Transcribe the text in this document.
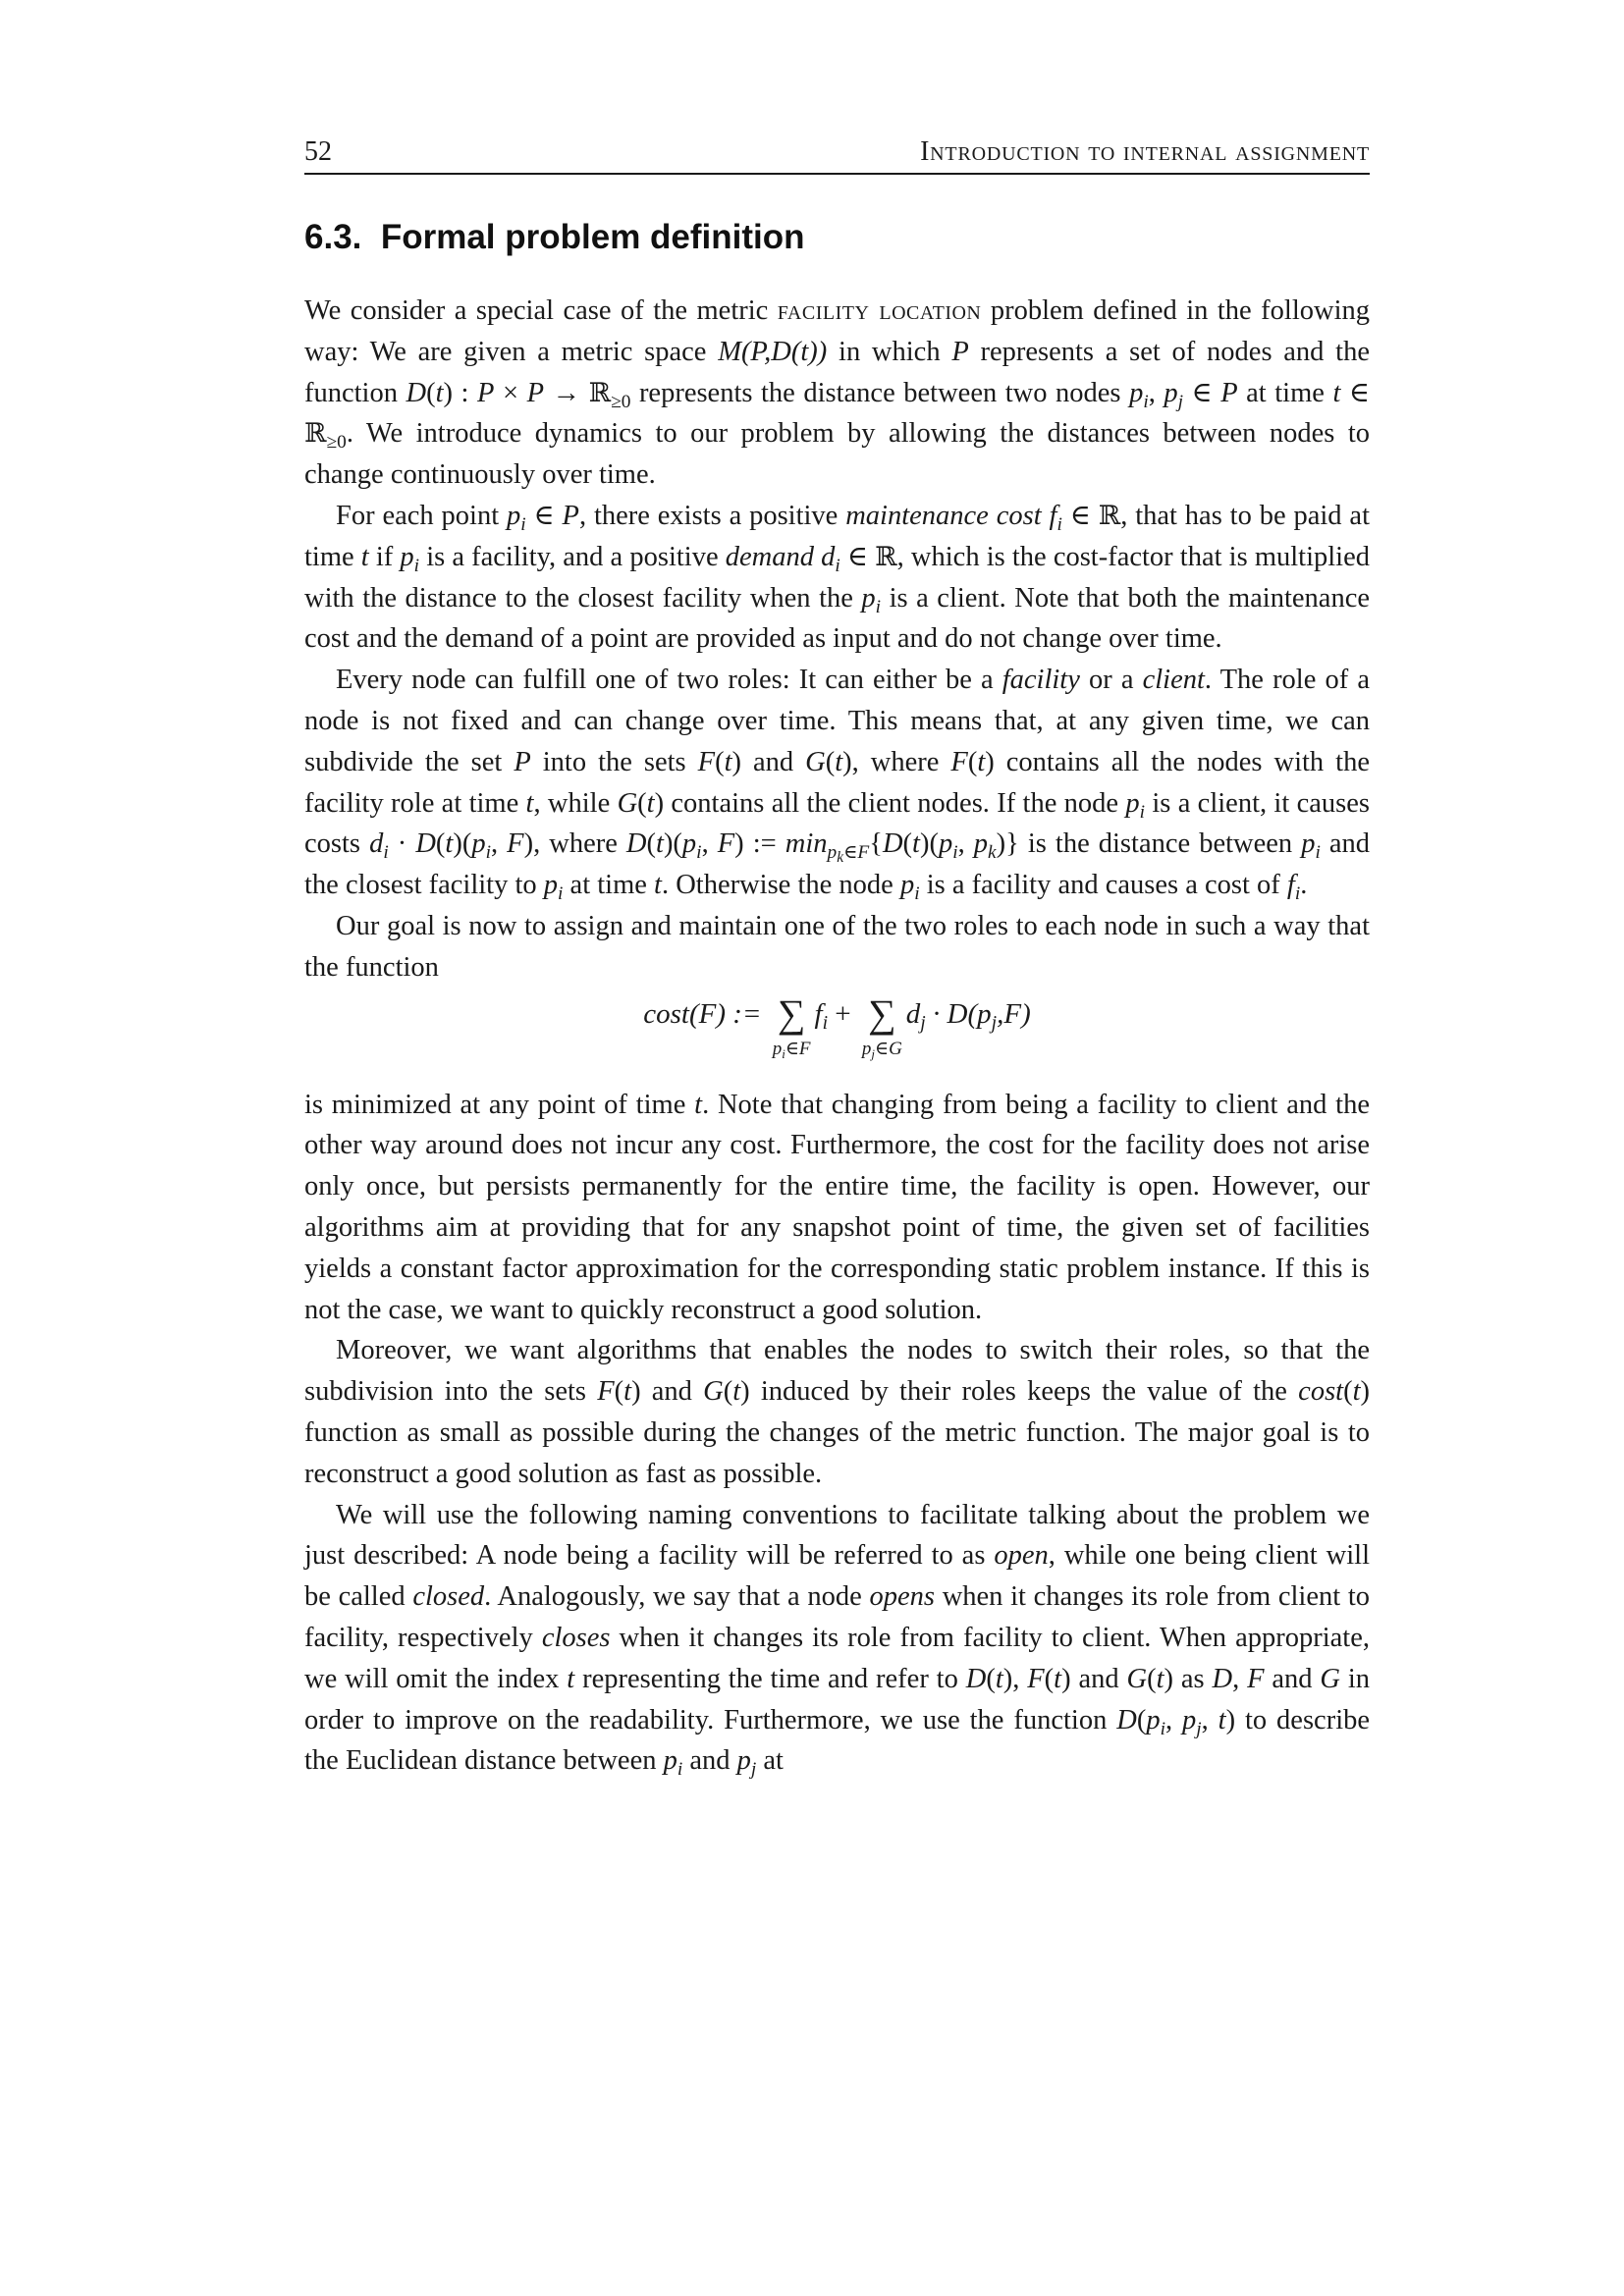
52	Introduction to internal assignment
6.3. Formal problem definition

We consider a special case of the metric facility location problem defined in the following way: We are given a metric space M(P,D(t)) in which P represents a set of nodes and the function D(t) : P × P → ℝ$_{\ge 0}$ represents the distance between two nodes $p_i$, $p_j$ ∈ P at time t ∈ ℝ$_{\ge 0}$. We introduce dynamics to our problem by allowing the distances between nodes to change continuously over time.

For each point $p_i$ ∈ P, there exists a positive maintenance cost $f_i$ ∈ ℝ, that has to be paid at time t if $p_i$ is a facility, and a positive demand $d_i$ ∈ ℝ, which is the cost-factor that is multiplied with the distance to the closest facility when the $p_i$ is a client. Note that both the maintenance cost and the demand of a point are provided as input and do not change over time.

Every node can fulfill one of two roles: It can either be a facility or a client. The role of a node is not fixed and can change over time. This means that, at any given time, we can subdivide the set P into the sets F(t) and G(t), where F(t) contains all the nodes with the facility role at time t, while G(t) contains all the client nodes. If the node $p_i$ is a client, it causes costs $d_i \cdot D(t)(p_i$, F), where $D(t)(p_i$, F) := $\min_{p_k\in F}\{D(t)(p_i$, $p_k$)} is the distance between $p_i$ and the closest facility to $p_i$ at time t. Otherwise the node $p_i$ is a facility and causes a cost of $f_i$.

Our goal is now to assign and maintain one of the two roles to each node in such a way that the function

cost(F) := ∑
$p_i\in F$
$f_i$ + ∑
$p_j\in G$
$d_j \cdot D(p_j,F)$

is minimized at any point of time t. Note that changing from being a facility to client and the other way around does not incur any cost. Furthermore, the cost for the facility does not arise only once, but persists permanently for the entire time, the facility is open. However, our algorithms aim at providing that for any snapshot point of time, the given set of facilities yields a constant factor approximation for the corresponding static problem instance. If this is not the case, we want to quickly reconstruct a good solution.

Moreover, we want algorithms that enables the nodes to switch their roles, so that the subdivision into the sets F(t) and G(t) induced by their roles keeps the value of the cost(t) function as small as possible during the changes of the metric function. The major goal is to reconstruct a good solution as fast as possible.

We will use the following naming conventions to facilitate talking about the problem we just described: A node being a facility will be referred to as open, while one being client will be called closed. Analogously, we say that a node opens when it changes its role from client to facility, respectively closes when it changes its role from facility to client. When appropriate, we will omit the index t representing the time and refer to D(t), F(t) and G(t) as D, F and G in order to improve on the readability. Furthermore, we use the function $D(p_i$, $p_j$, t) to describe the Euclidean distance between $p_i$ and $p_j$ at
